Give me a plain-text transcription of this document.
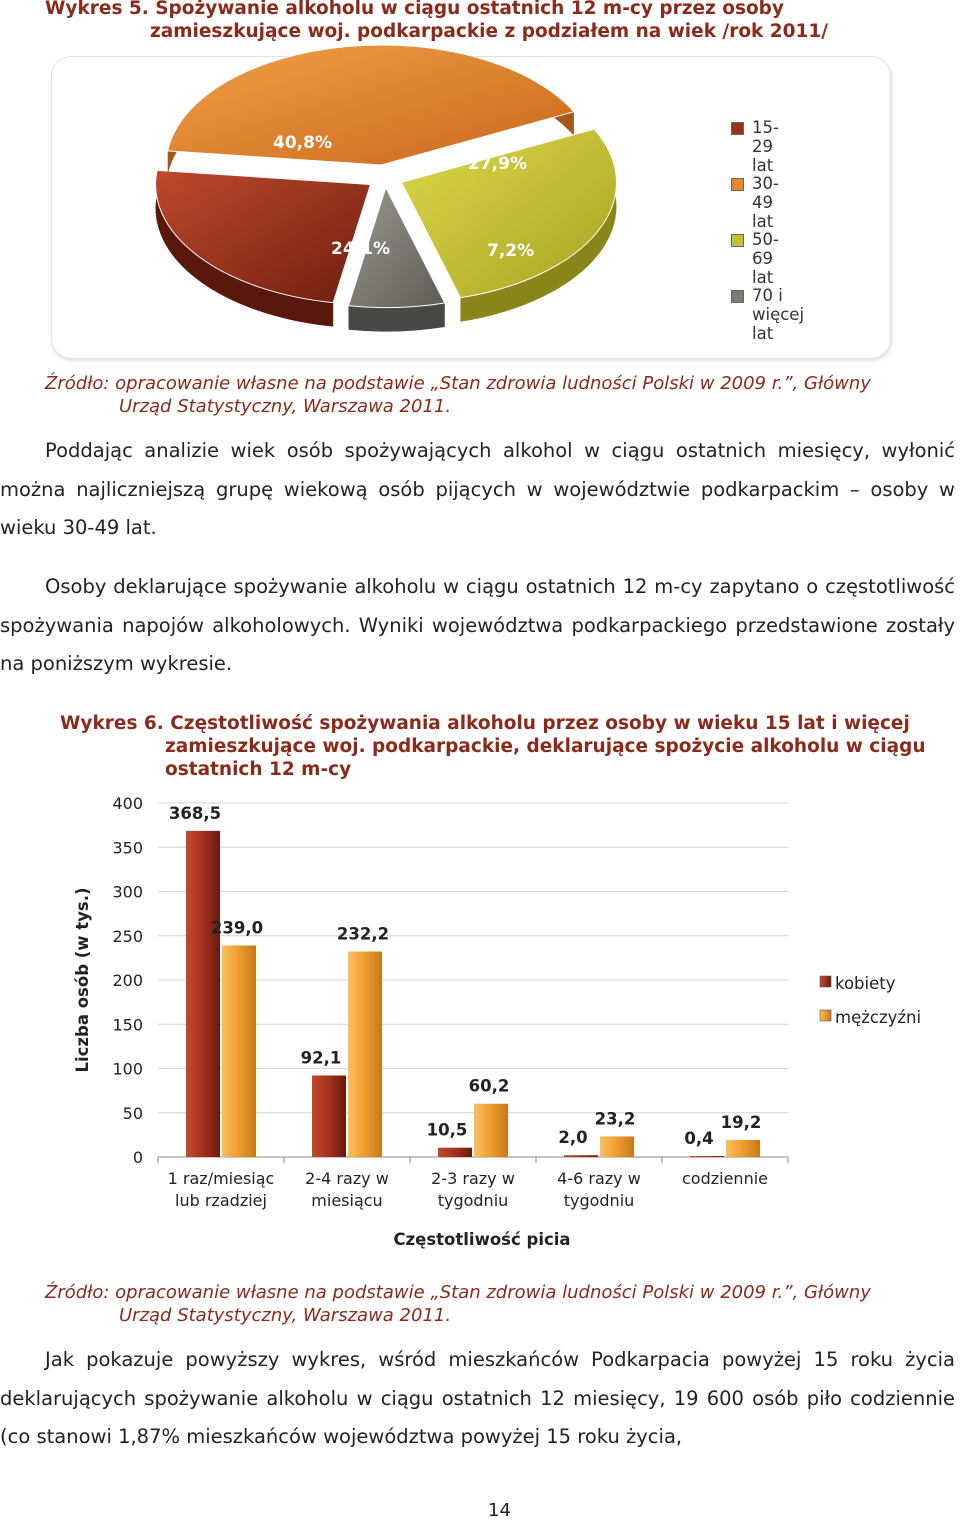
Wykres 5. Spożywanie alkoholu w ciągu ostatnich 12 m-cy przez osoby
zamieszkujące woj. podkarpackie z podziałem na wiek /rok 2011/
40,8%
27,9%
24,1%	7,2%
15-29 lat
30-49 lat
50-69 lat
70 i więcej lat
Źródło: opracowanie własne na podstawie „Stan zdrowia ludności Polski w 2009 r.”, Główny
Urząd Statystyczny, Warszawa 2011.
Poddając analizie wiek osób spożywających alkohol w ciągu ostatnich miesięcy, wyłonić można najliczniejszą grupę wiekową osób pijących w województwie podkarpackim – osoby w wieku 30-49 lat.
Osoby deklarujące spożywanie alkoholu w ciągu ostatnich 12 m-cy zapytano o częstotliwość spożywania napojów alkoholowych. Wyniki województwa podkarpackiego przedstawione zostały na poniższym wykresie.
Wykres 6. Częstotliwość spożywania alkoholu przez osoby w wieku 15 lat i więcej
zamieszkujące woj. podkarpackie, deklarujące spożycie alkoholu w ciągu
ostatnich 12 m-cy
368,5
239,0
92,1
232,2
10,5
60,2
2,0
23,2
0,4
19,2
0
50
100
150
200
250
300
350
400
1 raz/miesiąc
lub rzadziej
2-4 razy w
miesiącu
2-3 razy w
tygodniu
4-6 razy w
tygodniu
codziennie
Liczba osób (w tys.)
Częstotliwość picia
kobiety
mężczyźni
Źródło: opracowanie własne na podstawie „Stan zdrowia ludności Polski w 2009 r.”, Główny
Urząd Statystyczny, Warszawa 2011.
Jak pokazuje powyższy wykres, wśród mieszkańców Podkarpacia powyżej 15 roku życia deklarujących spożywanie alkoholu w ciągu ostatnich 12 miesięcy, 19 600 osób piło codziennie (co stanowi 1,87% mieszkańców województwa powyżej 15 roku życia,
14
